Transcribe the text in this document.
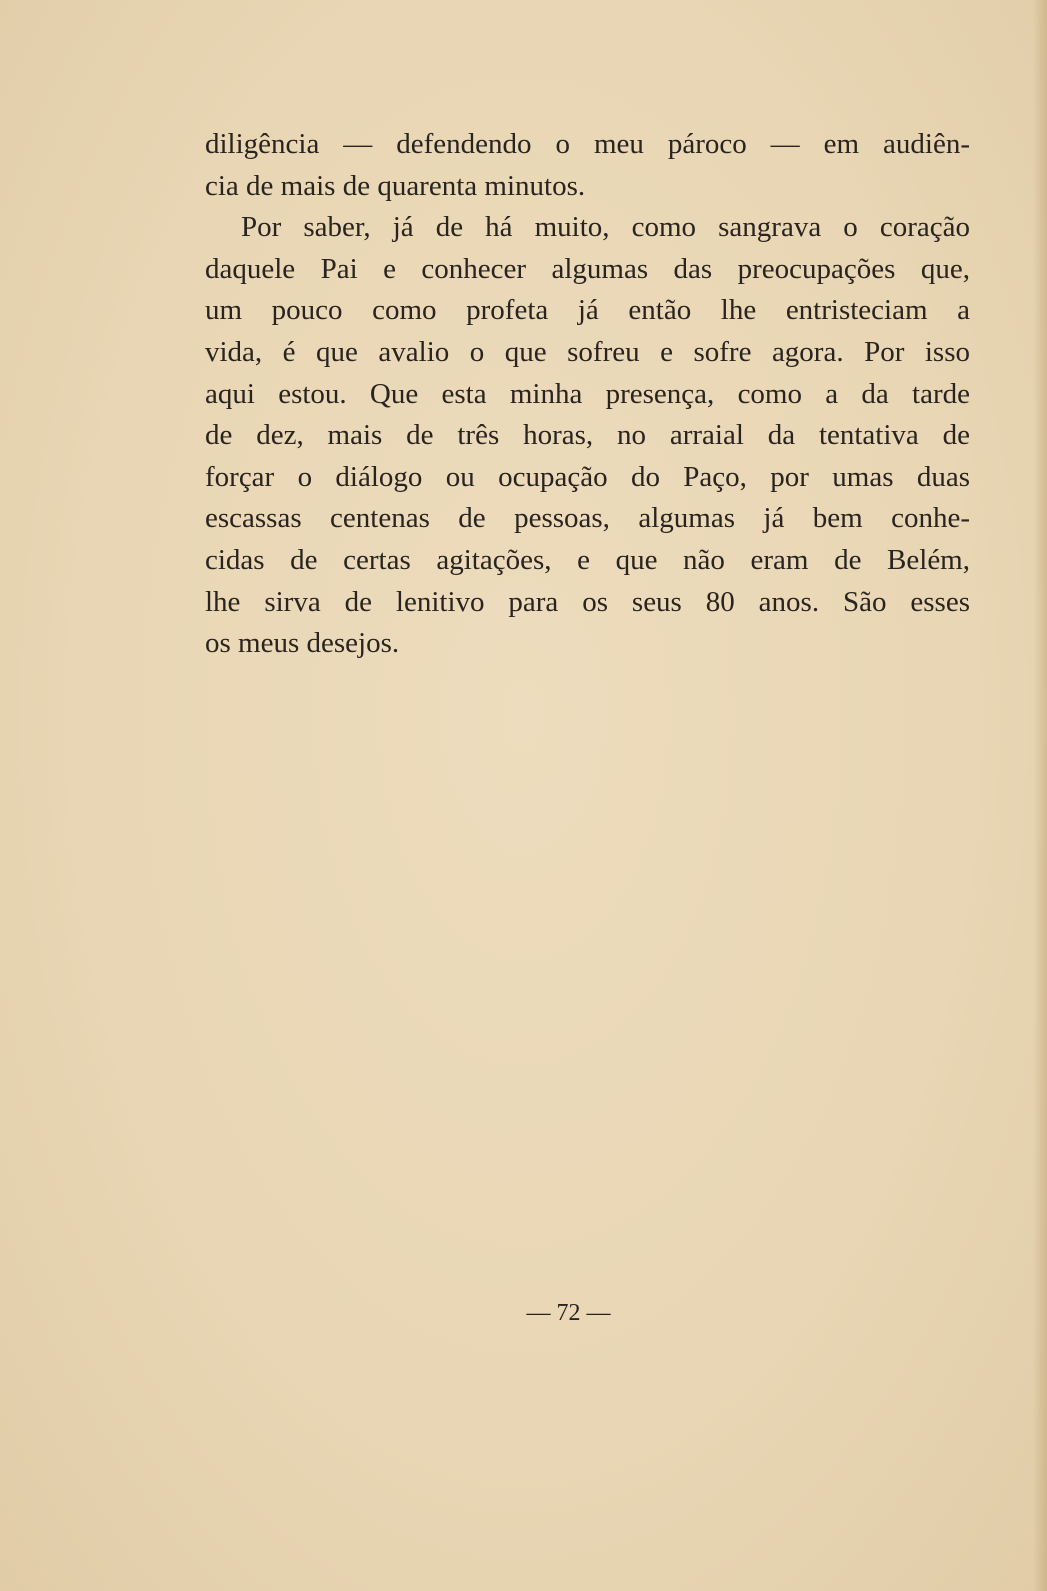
diligência — defendendo o meu pároco — em audiên-
cia de mais de quarenta minutos.
Por saber, já de há muito, como sangrava o coração
daquele Pai e conhecer algumas das preocupações que,
um pouco como profeta já então lhe entristeciam a
vida, é que avalio o que sofreu e sofre agora. Por isso
aqui estou. Que esta minha presença, como a da tarde
de dez, mais de três horas, no arraial da tentativa de
forçar o diálogo ou ocupação do Paço, por umas duas
escassas centenas de pessoas, algumas já bem conhe-
cidas de certas agitações, e que não eram de Belém,
lhe sirva de lenitivo para os seus 80 anos. São esses
os meus desejos.
— 72 —
